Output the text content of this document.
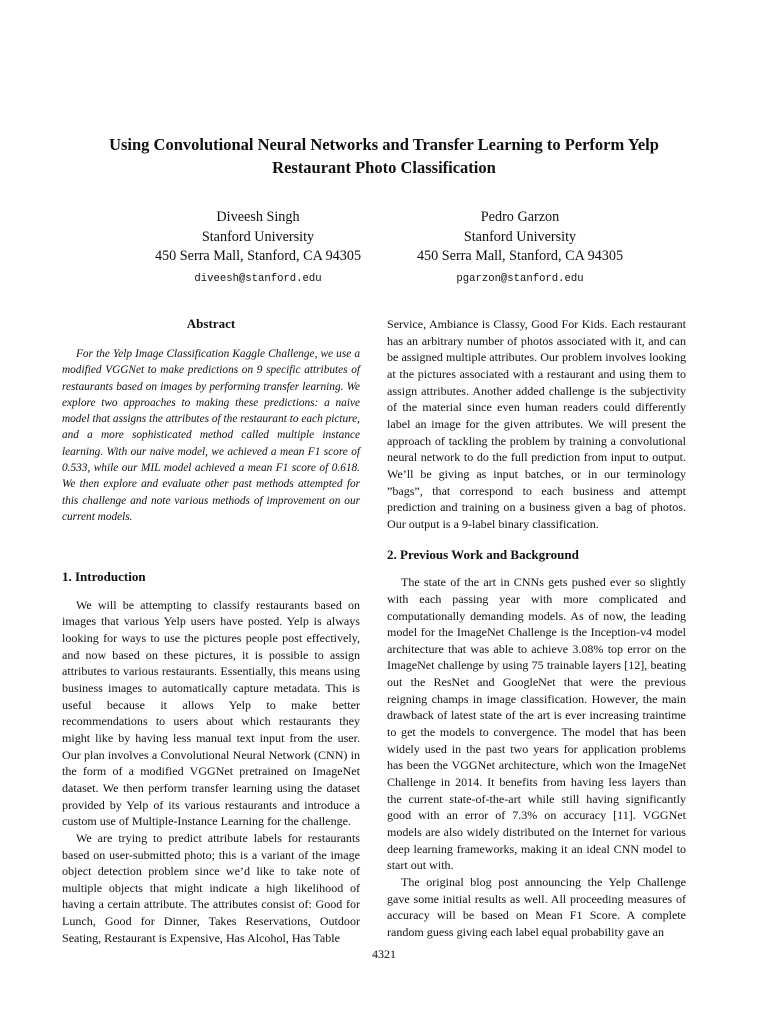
Using Convolutional Neural Networks and Transfer Learning to Perform Yelp
Restaurant Photo Classification
Diveesh Singh
Stanford University
450 Serra Mall, Stanford, CA 94305
diveesh@stanford.edu
Pedro Garzon
Stanford University
450 Serra Mall, Stanford, CA 94305
pgarzon@stanford.edu
Abstract

For the Yelp Image Classification Kaggle Challenge, we use a modified VGGNet to make predictions on 9 specific attributes of restaurants based on images by performing transfer learning. We explore two approaches to making these predictions: a naive model that assigns the attributes of the restaurant to each picture, and a more sophisticated method called multiple instance learning. With our naive model, we achieved a mean F1 score of 0.533, while our MIL model achieved a mean F1 score of 0.618. We then explore and evaluate other past methods attempted for this challenge and note various methods of improvement on our current models.

1. Introduction

We will be attempting to classify restaurants based on images that various Yelp users have posted. Yelp is always looking for ways to use the pictures people post effectively, and now based on these pictures, it is possible to assign attributes to various restaurants. Essentially, this means using business images to automatically capture metadata. This is useful because it allows Yelp to make better recommendations to users about which restaurants they might like by having less manual text input from the user. Our plan involves a Convolutional Neural Network (CNN) in the form of a modified VGGNet pretrained on ImageNet dataset. We then perform transfer learning using the dataset provided by Yelp of its various restaurants and introduce a custom use of Multiple-Instance Learning for the challenge.

We are trying to predict attribute labels for restaurants based on user-submitted photo; this is a variant of the image object detection problem since we’d like to take note of multiple objects that might indicate a high likelihood of having a certain attribute. The attributes consist of: Good for Lunch, Good for Dinner, Takes Reservations, Outdoor Seating, Restaurant is Expensive, Has Alcohol, Has Table

Service, Ambiance is Classy, Good For Kids. Each restaurant has an arbitrary number of photos associated with it, and can be assigned multiple attributes. Our problem involves looking at the pictures associated with a restaurant and using them to assign attributes. Another added challenge is the subjectivity of the material since even human readers could differently label an image for the given attributes. We will present the approach of tackling the problem by training a convolutional neural network to do the full prediction from input to output. We’ll be giving as input batches, or in our terminology ”bags”, that correspond to each business and attempt prediction and training on a business given a bag of photos. Our output is a 9-label binary classification.

2. Previous Work and Background

The state of the art in CNNs gets pushed ever so slightly with each passing year with more complicated and computationally demanding models. As of now, the leading model for the ImageNet Challenge is the Inception-v4 model architecture that was able to achieve 3.08% top error on the ImageNet challenge by using 75 trainable layers [12], beating out the ResNet and GoogleNet that were the previous reigning champs in image classification. However, the main drawback of latest state of the art is ever increasing traintime to get the models to convergence. The model that has been widely used in the past two years for application problems has been the VGGNet architecture, which won the ImageNet Challenge in 2014. It benefits from having less layers than the current state-of-the-art while still having significantly good with an error of 7.3% on accuracy [11]. VGGNet models are also widely distributed on the Internet for various deep learning frameworks, making it an ideal CNN model to start out with.

The original blog post announcing the Yelp Challenge gave some initial results as well. All proceeding measures of accuracy will be based on Mean F1 Score. A complete random guess giving each label equal probability gave an

4321
